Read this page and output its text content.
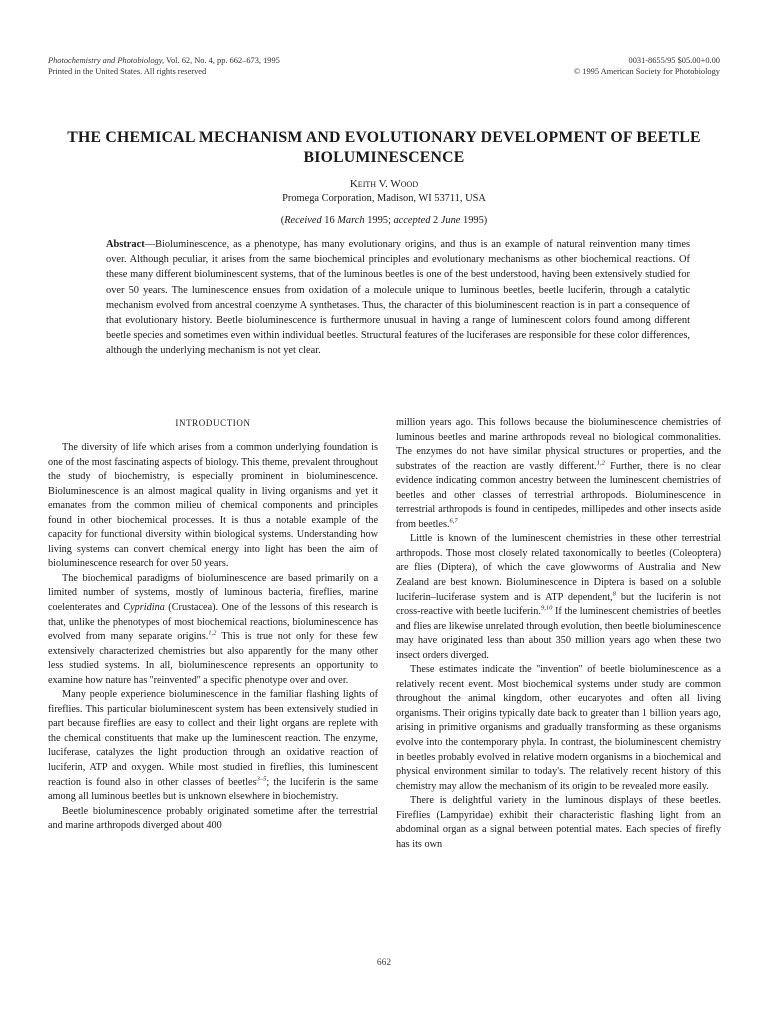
Photochemistry and Photobiology, Vol. 62, No. 4, pp. 662–673, 1995
Printed in the United States. All rights reserved
0031-8655/95 $05.00+0.00
© 1995 American Society for Photobiology
THE CHEMICAL MECHANISM AND EVOLUTIONARY DEVELOPMENT OF BEETLE BIOLUMINESCENCE
Keith V. Wood
Promega Corporation, Madison, WI 53711, USA
(Received 16 March 1995; accepted 2 June 1995)
Abstract—Bioluminescence, as a phenotype, has many evolutionary origins, and thus is an example of natural reinvention many times over. Although peculiar, it arises from the same biochemical principles and evolutionary mechanisms as other biochemical reactions. Of these many different bioluminescent systems, that of the luminous beetles is one of the best understood, having been extensively studied for over 50 years. The luminescence ensues from oxidation of a molecule unique to luminous beetles, beetle luciferin, through a catalytic mechanism evolved from ancestral coenzyme A synthetases. Thus, the character of this bioluminescent reaction is in part a consequence of that evolutionary history. Beetle bioluminescence is furthermore unusual in having a range of luminescent colors found among different beetle species and sometimes even within individual beetles. Structural features of the luciferases are responsible for these color differences, although the underlying mechanism is not yet clear.
INTRODUCTION

The diversity of life which arises from a common underlying foundation is one of the most fascinating aspects of biology. This theme, prevalent throughout the study of biochemistry, is especially prominent in bioluminescence. Bioluminescence is an almost magical quality in living organisms and yet it emanates from the common milieu of chemical components and principles found in other biochemical processes. It is thus a notable example of the capacity for functional diversity within biological systems. Understanding how living systems can convert chemical energy into light has been the aim of bioluminescence research for over 50 years.

The biochemical paradigms of bioluminescence are based primarily on a limited number of systems, mostly of luminous bacteria, fireflies, marine coelenterates and Cypridina (Crustacea). One of the lessons of this research is that, unlike the phenotypes of most biochemical reactions, bioluminescence has evolved from many separate origins.$^{1,2}$ This is true not only for these few extensively characterized chemistries but also apparently for the many other less studied systems. In all, bioluminescence represents an opportunity to examine how nature has ''reinvented'' a specific phenotype over and over.

Many people experience bioluminescence in the familiar flashing lights of fireflies. This particular bioluminescent system has been extensively studied in part because fireflies are easy to collect and their light organs are replete with the chemical constituents that make up the luminescent reaction. The enzyme, luciferase, catalyzes the light production through an oxidative reaction of luciferin, ATP and oxygen. While most studied in fireflies, this luminescent reaction is found also in other classes of beetles$^{3-5}$; the luciferin is the same among all luminous beetles but is unknown elsewhere in biochemistry.

Beetle bioluminescence probably originated sometime after the terrestrial and marine arthropods diverged about 400

million years ago. This follows because the bioluminescence chemistries of luminous beetles and marine arthropods reveal no biological commonalities. The enzymes do not have similar physical structures or properties, and the substrates of the reaction are vastly different.$^{1,2}$ Further, there is no clear evidence indicating common ancestry between the luminescent chemistries of beetles and other classes of terrestrial arthropods. Bioluminescence in terrestrial arthropods is found in centipedes, millipedes and other insects aside from beetles.$^{6,7}$

Little is known of the luminescent chemistries in these other terrestrial arthropods. Those most closely related taxonomically to beetles (Coleoptera) are flies (Diptera), of which the cave glowworms of Australia and New Zealand are best known. Bioluminescence in Diptera is based on a soluble luciferin–luciferase system and is ATP dependent,$^8$ but the luciferin is not cross-reactive with beetle luciferin.$^{9,10}$ If the luminescent chemistries of beetles and flies are likewise unrelated through evolution, then beetle bioluminescence may have originated less than about 350 million years ago when these two insect orders diverged.

These estimates indicate the ''invention'' of beetle bioluminescence as a relatively recent event. Most biochemical systems under study are common throughout the animal kingdom, other eucaryotes and often all living organisms. Their origins typically date back to greater than 1 billion years ago, arising in primitive organisms and gradually transforming as these organisms evolve into the contemporary phyla. In contrast, the bioluminescent chemistry in beetles probably evolved in relative modern organisms in a biochemical and physical environment similar to today's. The relatively recent history of this chemistry may allow the mechanism of its origin to be revealed more easily.

There is delightful variety in the luminous displays of these beetles. Fireflies (Lampyridae) exhibit their characteristic flashing light from an abdominal organ as a signal between potential mates. Each species of firefly has its own

662
